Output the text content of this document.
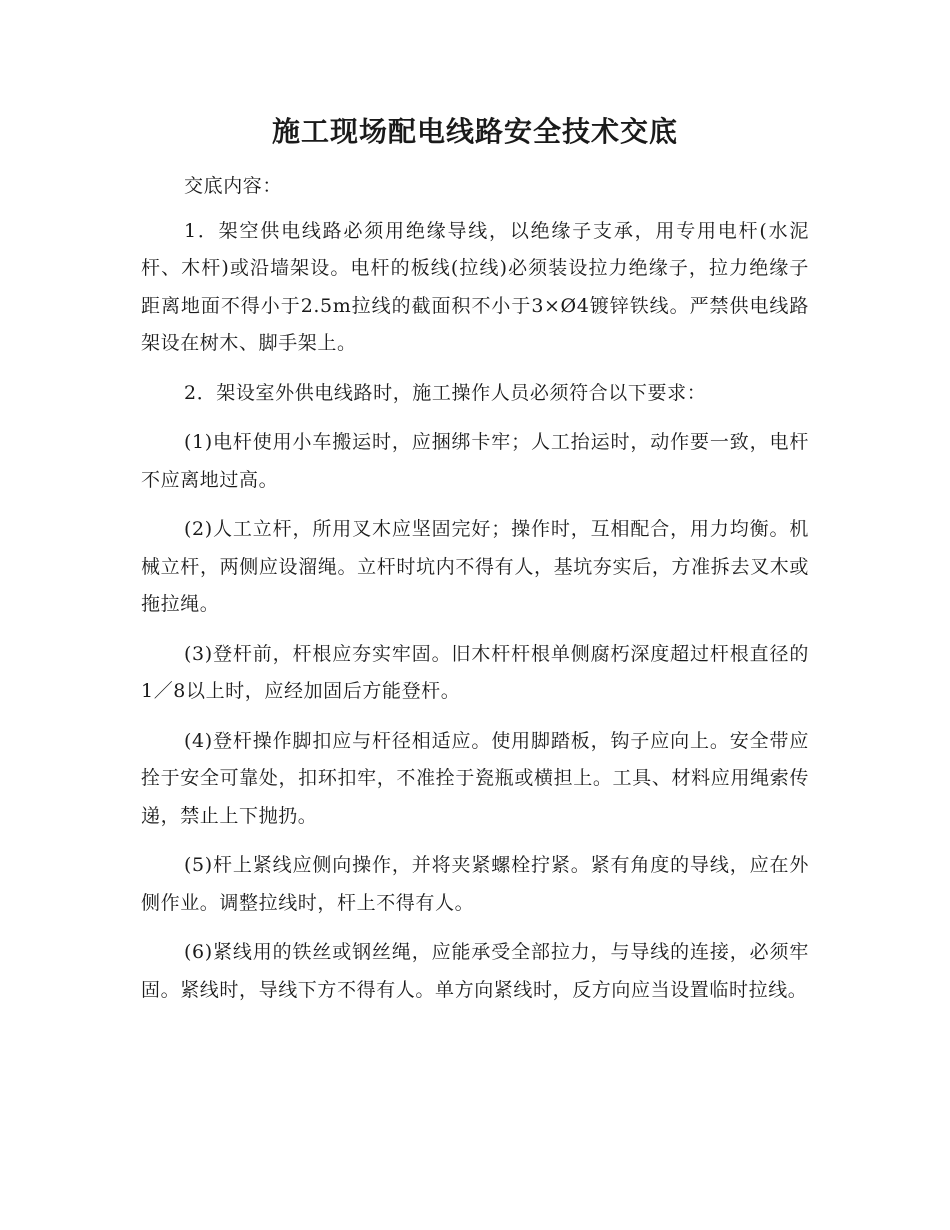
施工现场配电线路安全技术交底

交底内容：

1．架空供电线路必须用绝缘导线，以绝缘子支承，用专用电杆(水泥杆、木杆)或沿墙架设。电杆的板线(拉线)必须装设拉力绝缘子，拉力绝缘子距离地面不得小于2.5m拉线的截面积不小于3×Ø4镀锌铁线。严禁供电线路架设在树木、脚手架上。

2．架设室外供电线路时，施工操作人员必须符合以下要求：

(1)电杆使用小车搬运时，应捆绑卡牢；人工抬运时，动作要一致，电杆不应离地过高。

(2)人工立杆，所用叉木应坚固完好；操作时，互相配合，用力均衡。机械立杆，两侧应设溜绳。立杆时坑内不得有人，基坑夯实后，方准拆去叉木或拖拉绳。

(3)登杆前，杆根应夯实牢固。旧木杆杆根单侧腐朽深度超过杆根直径的1／8以上时，应经加固后方能登杆。

(4)登杆操作脚扣应与杆径相适应。使用脚踏板，钩子应向上。安全带应拴于安全可靠处，扣环扣牢，不准拴于瓷瓶或横担上。工具、材料应用绳索传递，禁止上下抛扔。

(5)杆上紧线应侧向操作，并将夹紧螺栓拧紧。紧有角度的导线，应在外侧作业。调整拉线时，杆上不得有人。

(6)紧线用的铁丝或钢丝绳，应能承受全部拉力，与导线的连接，必须牢固。紧线时，导线下方不得有人。单方向紧线时，反方向应当设置临时拉线。
